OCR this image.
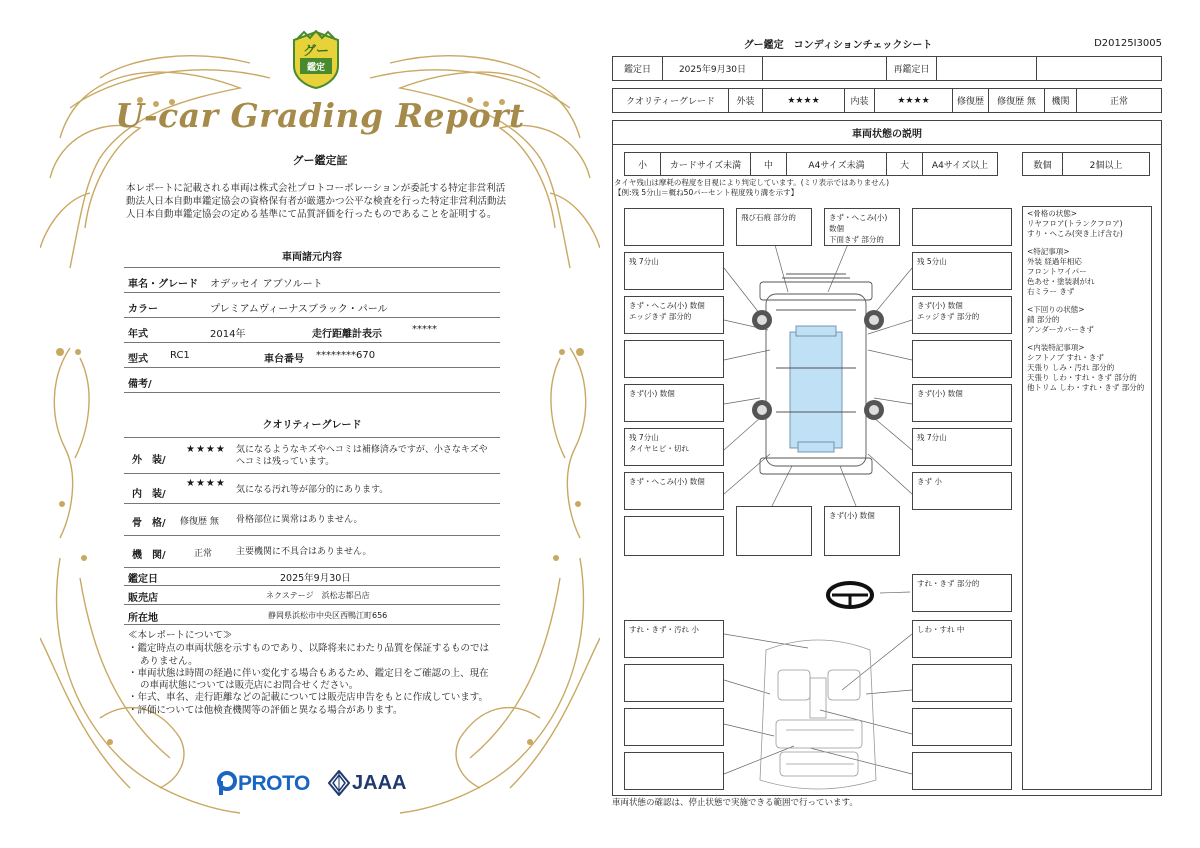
グー
鑑定
U-car Grading Report
グー鑑定証
本レポートに記載される車両は株式会社プロトコーポレーションが委託する特定非営利活動法人日本自動車鑑定協会の資格保有者が厳選かつ公平な検査を行った特定非営利活動法人日本自動車鑑定協会の定める基準にて品質評価を行ったものであることを証明する。
車両諸元内容
車名・グレード オデッセイ アブソルート
カラー	プレミアムヴィーナスブラック・パール
年式	2014年	走行距離計表示	*****
型式 RC1	車台番号 ********670
備考/
クオリティーグレード
外　装/
★★★★ 気になるようなキズやヘコミは補修済みですが、小さなキズやヘコミは残っています。
内　装/
★★★★
気になる汚れ等が部分的にあります。
骨　格/ 修復歴 無 骨格部位に異常はありません。
機　関/	正常	主要機関に不具合はありません。
鑑定日	2025年9月30日
販売店	ネクステージ　浜松志都呂店
所在地	静岡県浜松市中央区西鴨江町656
≪本レポートについて≫
・鑑定時点の車両状態を示すものであり、以降将来にわたり品質を保証するものではありません。
・車両状態は時間の経過に伴い変化する場合もあるため、鑑定日をご確認の上、現在の車両状態については販売店にお問合せください。
・年式、車名、走行距離などの記載については販売店申告をもとに作成しています。
・評価については他検査機関等の評価と異なる場合があります。
PROTO JAAA
グー鑑定　コンディションチェックシート	D20125I3005
鑑定日	2025年9月30日	再鑑定日
クオリティーグレード	外装	★★★★	内装	★★★★	修復歴	修復歴 無	機関	正常
車両状態の説明
小	カードサイズ未満	中	A4サイズ未満	大	A4サイズ以上	数個	2個以上
タイヤ残山は摩耗の程度を目視により判定しています。(ミリ表示ではありません)
【例:残 5分山＝概ね50パーセント程度残り溝を示す】
残 7分山
きず・へこみ(小) 数個
エッジきず 部分的
きず(小) 数個
残 7分山
タイヤヒビ・切れ
きず・へこみ(小) 数個
残 5分山
きず(小) 数個
エッジきず 部分的
きず(小) 数個
残 7分山
きず 小
飛び石痕 部分的	きず・へこみ(小) 数個
下面きず 部分的
きず(小) 数個
すれ・きず 部分的
すれ・きず・汚れ 小	しわ・すれ 中
<骨格の状態>
リヤフロア(トランクフロア)
すり・へこみ(突き上げ含む)
<特記事項>
外装 経過年相応
フロントワイパー
色あせ・塗装剥がれ
右ミラー きず
<下回りの状態>
錆 部分的
アンダーカバーきず
<内装特記事項>
シフトノブ すれ・きず
天張り しみ・汚れ 部分的
天張り しわ・すれ・きず 部分的
他トリム しわ・すれ・きず 部分的
車両状態の確認は、停止状態で実施できる範囲で行っています。
